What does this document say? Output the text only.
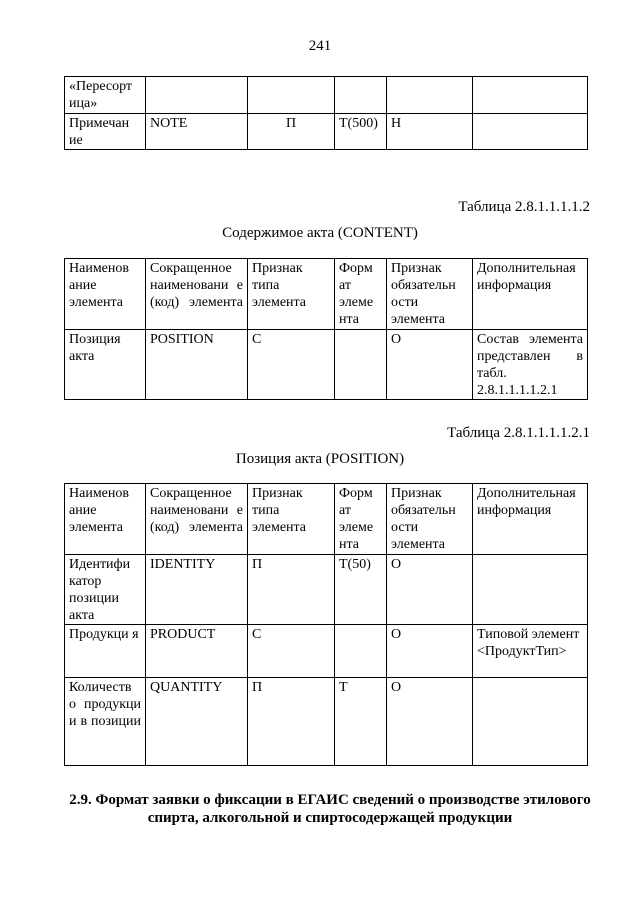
241
«Пересорт ица»					
Примечан ие	NOTE	П	Т(500)	Н	
Таблица 2.8.1.1.1.1.2
Содержимое акта (CONTENT)
Наименов ание элемента	Сокращенное наименовани е (код) элемента	Признак типа элемента	Форм ат элеме нта	Признак обязательн ости элемента	Дополнительная информация
Позиция акта	POSITION	С		О	Состав элемента представлен в табл. 2.8.1.1.1.1.2.1
Таблица 2.8.1.1.1.1.2.1
Позиция акта (POSITION)
Наименов ание элемента	Сокращенное наименовани е (код) элемента	Признак типа элемента	Форм ат элеме нта	Признак обязательн ости элемента	Дополнительная информация
Идентифи катор позиции акта	IDENTITY	П	Т(50)	О	
Продукци я	PRODUCT	С		О	Типовой элемент <ПродуктТип>
Количеств о продукци и в позиции	QUANTITY	П	Т	О	
2.9. Формат заявки о фиксации в ЕГАИС сведений о производстве этилового спирта, алкогольной и спиртосодержащей продукции
